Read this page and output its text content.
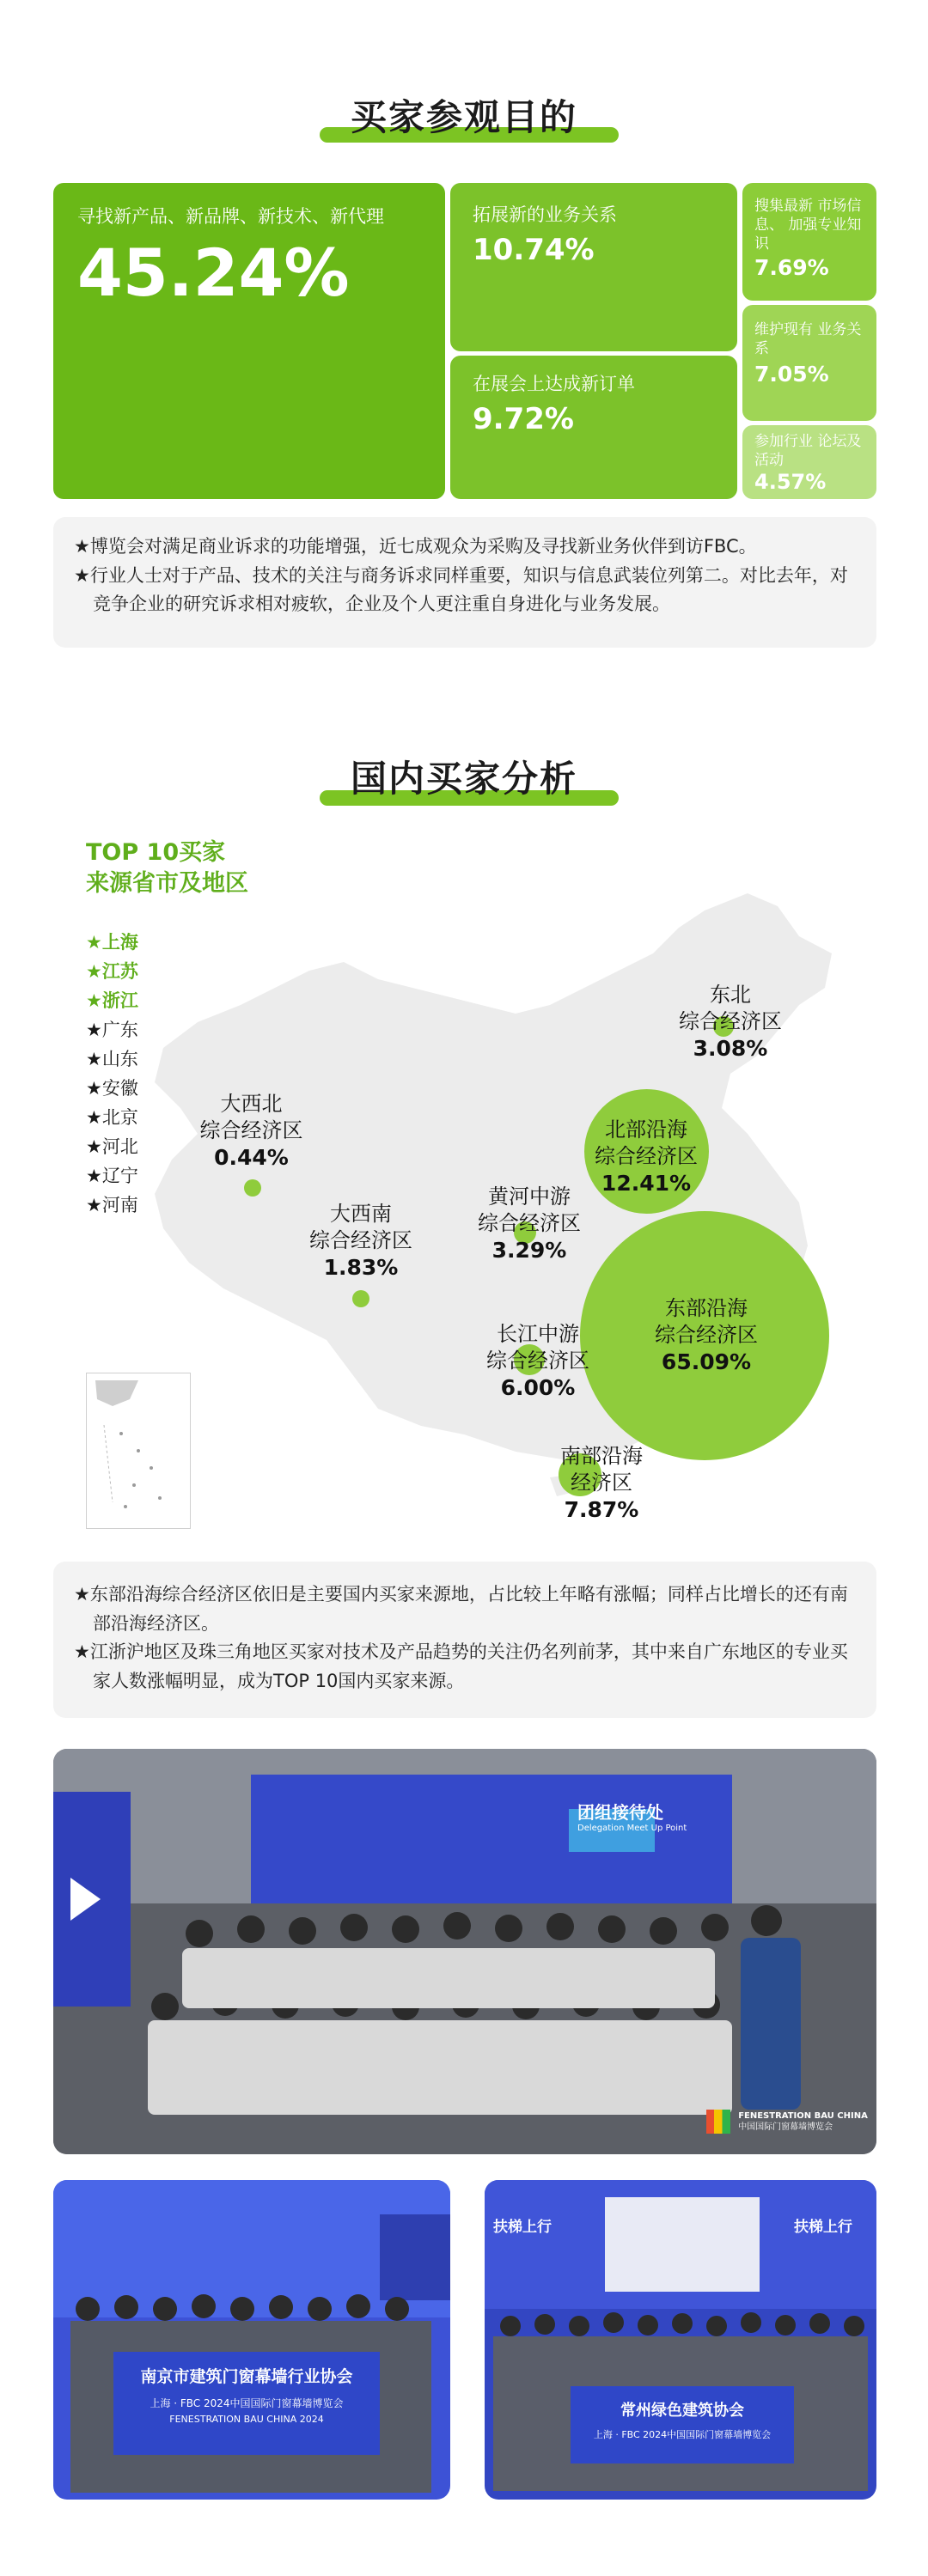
买家参观目的
寻找新产品、新品牌、新技术、新代理
45.24%
拓展新的业务关系
10.74%
在展会上达成新订单
9.72%
搜集最新 市场信息、 加强专业知识
7.69%
维护现有 业务关系
7.05%
参加行业 论坛及活动
4.57%

★博览会对满足商业诉求的功能增强，近七成观众为采购及寻找新业务伙伴到访FBC。

★行业人士对于产品、技术的关注与商务诉求同样重要，知识与信息武装位列第二。对比去年，对竞争企业的研究诉求相对疲软，企业及个人更注重自身进化与业务发展。

国内买家分析
TOP 10买家
来源省市及地区
★上海
★江苏
★浙江
★广东
★山东
★安徽
★北京
★河北
★辽宁
★河南
东北
综合经济区
3.08%
大西北
综合经济区
0.44%
北部沿海
综合经济区
12.41%
黄河中游
综合经济区
3.29%
大西南
综合经济区
1.83%
东部沿海
综合经济区
65.09%
长江中游
综合经济区
6.00%
南部沿海
经济区
7.87%

★东部沿海综合经济区依旧是主要国内买家来源地，占比较上年略有涨幅；同样占比增长的还有南部沿海经济区。

★江浙沪地区及珠三角地区买家对技术及产品趋势的关注仍名列前茅，其中来自广东地区的专业买家人数涨幅明显，成为TOP 10国内买家来源。

团组接待处
Delegation Meet Up Point

FENESTRATION BAU CHINA
中国国际门窗幕墙博览会
南京市建筑门窗幕墙行业协会
上海 · FBC 2024中国国际门窗幕墙博览会
FENESTRATION BAU CHINA 2024
扶梯上行	扶梯上行
常州绿色建筑协会
上海 · FBC 2024中国国际门窗幕墙博览会
